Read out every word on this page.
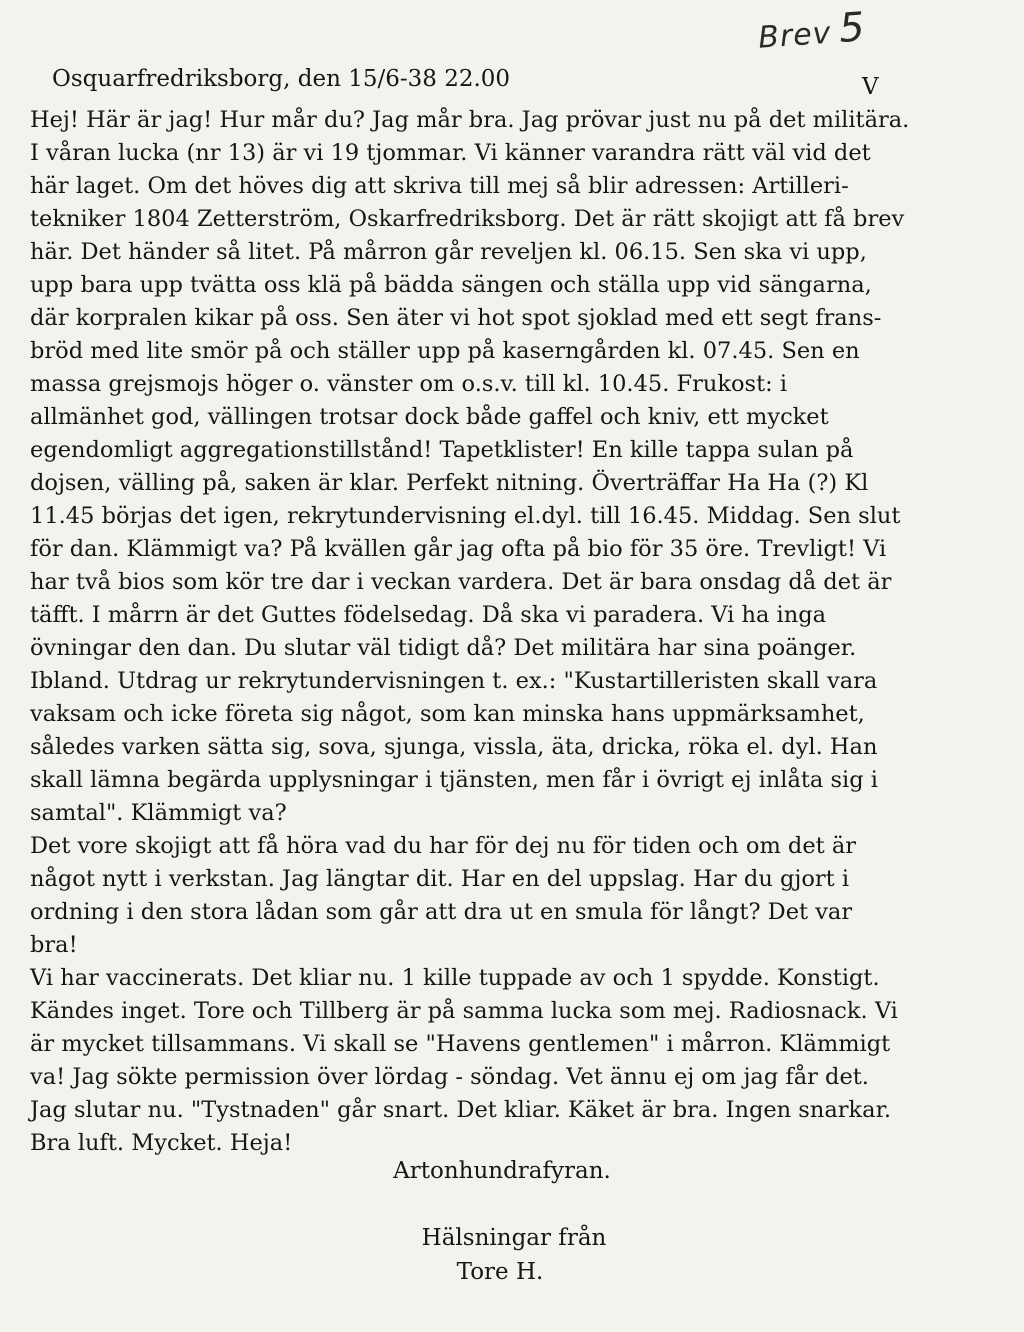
Brev 5
Osquarfredriksborg, den 15/6-38 22.00	V
Hej! Här är jag! Hur mår du? Jag mår bra. Jag prövar just nu på det militära.
I våran lucka (nr 13) är vi 19 tjommar. Vi känner varandra rätt väl vid det
här laget. Om det höves dig att skriva till mej så blir adressen: Artilleri-
tekniker 1804 Zetterström, Oskarfredriksborg. Det är rätt skojigt att få brev
här. Det händer så litet. På mårron går reveljen kl. 06.15. Sen ska vi upp,
upp bara upp tvätta oss klä på bädda sängen och ställa upp vid sängarna,
där korpralen kikar på oss. Sen äter vi hot spot sjoklad med ett segt frans-
bröd med lite smör på och ställer upp på kaserngården kl. 07.45. Sen en
massa grejsmojs höger o. vänster om o.s.v. till kl. 10.45. Frukost: i
allmänhet god, vällingen trotsar dock både gaffel och kniv, ett mycket
egendomligt aggregationstillstånd! Tapetklister! En kille tappa sulan på
dojsen, välling på, saken är klar. Perfekt nitning. Överträffar Ha Ha (?) Kl
11.45 börjas det igen, rekrytundervisning el.dyl. till 16.45. Middag. Sen slut
för dan. Klämmigt va? På kvällen går jag ofta på bio för 35 öre. Trevligt! Vi
har två bios som kör tre dar i veckan vardera. Det är bara onsdag då det är
täfft. I mårrn är det Guttes födelsedag. Då ska vi paradera. Vi ha inga
övningar den dan. Du slutar väl tidigt då? Det militära har sina poänger.
Ibland. Utdrag ur rekrytundervisningen t. ex.: "Kustartilleristen skall vara
vaksam och icke företa sig något, som kan minska hans uppmärksamhet,
således varken sätta sig, sova, sjunga, vissla, äta, dricka, röka el. dyl. Han
skall lämna begärda upplysningar i tjänsten, men får i övrigt ej inlåta sig i
samtal". Klämmigt va?
Det vore skojigt att få höra vad du har för dej nu för tiden och om det är
något nytt i verkstan. Jag längtar dit. Har en del uppslag. Har du gjort i
ordning i den stora lådan som går att dra ut en smula för långt? Det var
bra!
Vi har vaccinerats. Det kliar nu. 1 kille tuppade av och 1 spydde. Konstigt.
Kändes inget. Tore och Tillberg är på samma lucka som mej. Radiosnack. Vi
är mycket tillsammans. Vi skall se "Havens gentlemen" i mårron. Klämmigt
va! Jag sökte permission över lördag - söndag. Vet ännu ej om jag får det.
Jag slutar nu. "Tystnaden" går snart. Det kliar. Käket är bra. Ingen snarkar.
Bra luft. Mycket. Heja!
Artonhundrafyran.
Hälsningar från
Tore H.
